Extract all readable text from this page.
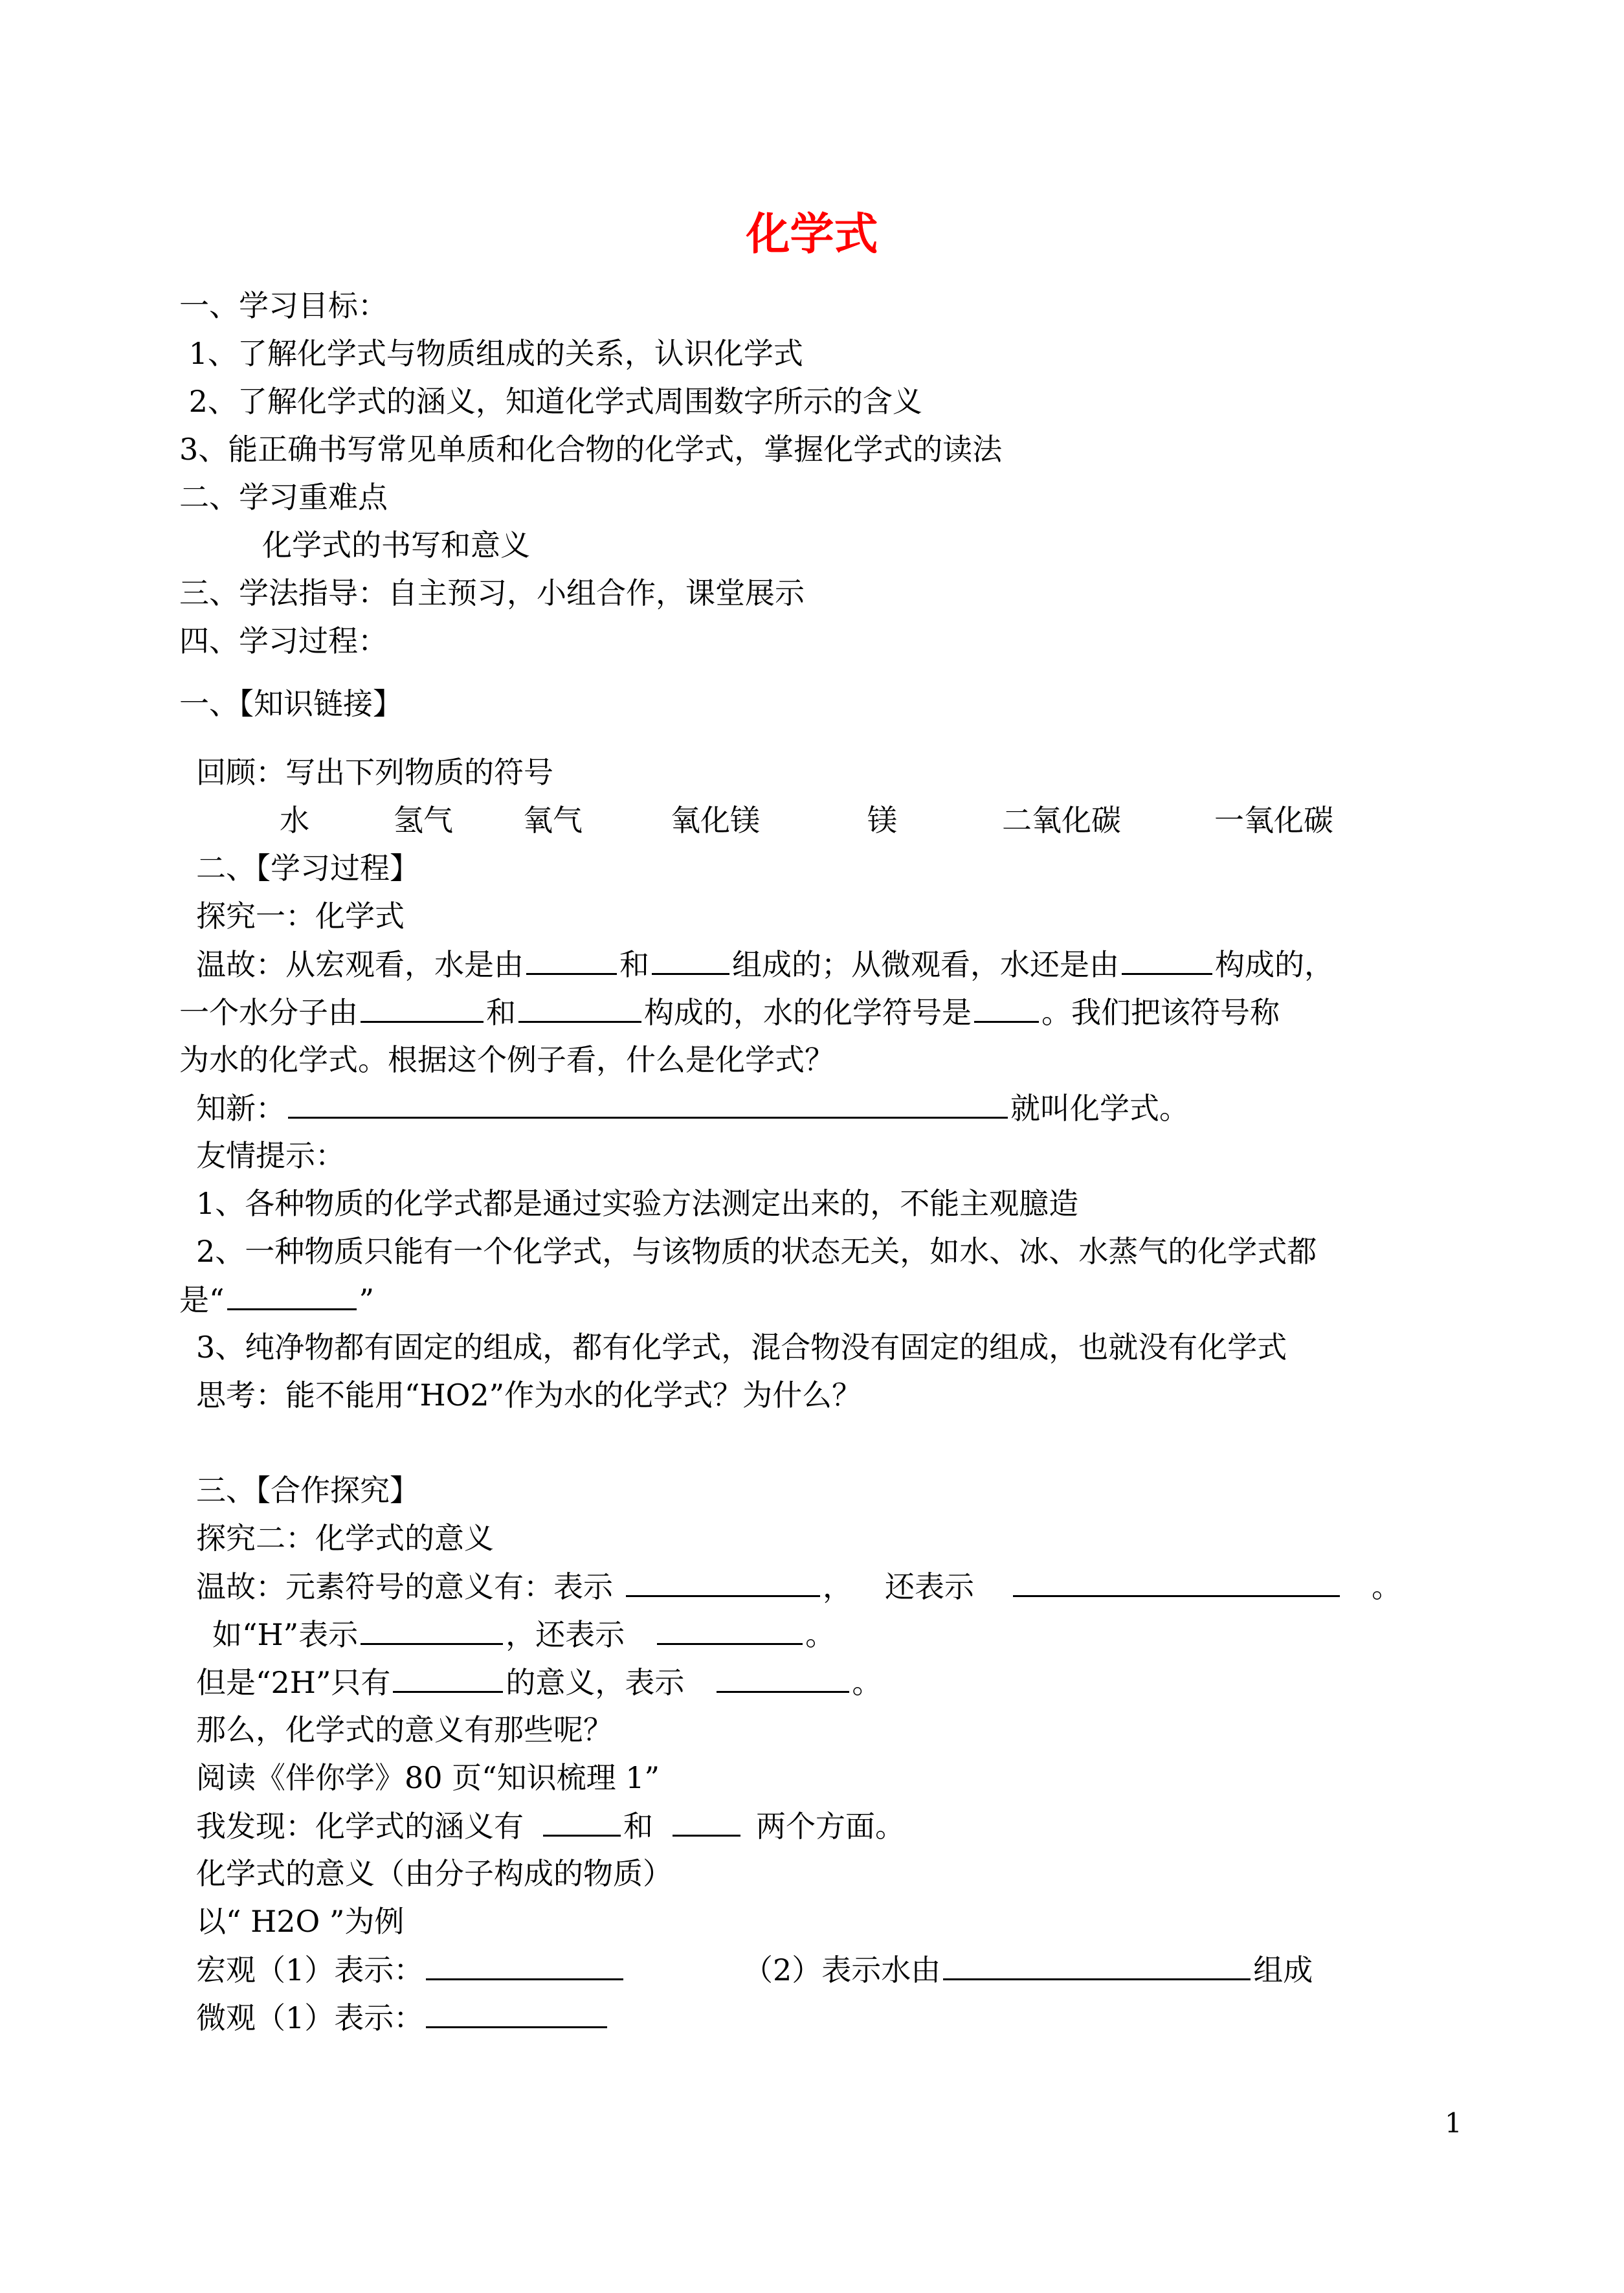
化学式
一、学习目标：
1、了解化学式与物质组成的关系，认识化学式
2、了解化学式的涵义，知道化学式周围数字所示的含义
3、能正确书写常见单质和化合物的化学式，掌握化学式的读法
二、学习重难点
化学式的书写和意义
三、学法指导：自主预习，小组合作，课堂展示
四、学习过程：
一、【知识链接】
回顾：写出下列物质的符号
水	氢气 氧气	氧化镁	镁	二氧化碳	一氧化碳
二、【学习过程】
探究一：化学式
温故：从宏观看，水是由	和	组成的；从微观看，水还是由	构成的，
一个水分子由	和	构成的，水的化学符号是 。我们把该符号称
为水的化学式。根据这个例子看，什么是化学式？
知新：	就叫化学式。
友情提示：
1、各种物质的化学式都是通过实验方法测定出来的，不能主观臆造
2、一种物质只能有一个化学式，与该物质的状态无关，如水、冰、水蒸气的化学式都
是“	”
3、纯净物都有固定的组成，都有化学式，混合物没有固定的组成，也就没有化学式
思考：能不能用“HO2”作为水的化学式？为什么？
三、【合作探究】
探究二：化学式的意义
温故：元素符号的意义有：表示	， 还表示	。
如“H”表示	，还表示	。
但是“2H”只有	的意义，表示	。
那么，化学式的意义有那些呢？
阅读《伴你学》80 页“知识梳理 1”
我发现：化学式的涵义有	和	两个方面。
化学式的意义（由分子构成的物质）
以“ H2O ”为例
宏观（1）表示：	（2）表示水由	组成
微观（1）表示：
1
